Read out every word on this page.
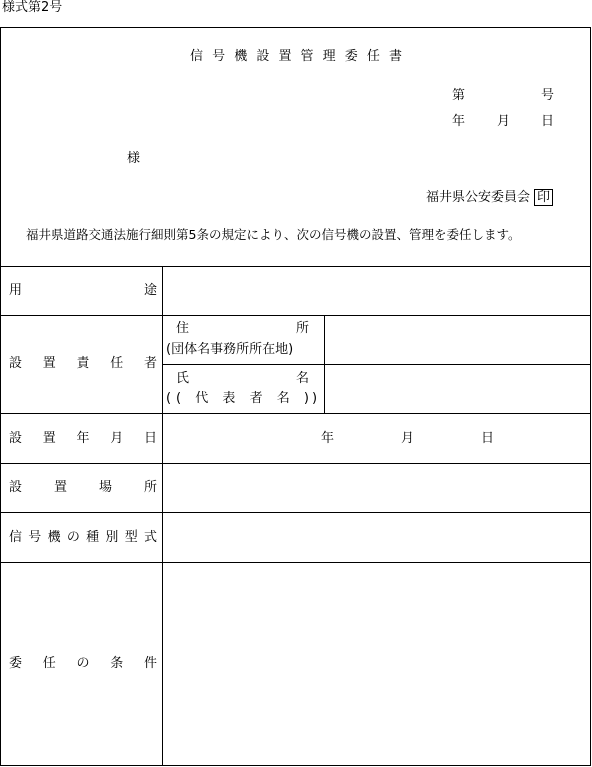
様式第2号
信 号 機 設 置 管 理 委 任 書
第	号
年 月 日
様
福井県公安委員会 印
福井県道路交通法施行細則第5条の規定により、次の信号機の設置、管理を委任します。
用	途
設 置 責 任 者
住	所
(団体名事務所所在地)
氏	名
( ( 代 表 者 名 ) )
設 置 年 月 日	年	月	日
設 置 場 所
信 号 機 の 種 別 型 式
委 任 の 条 件
